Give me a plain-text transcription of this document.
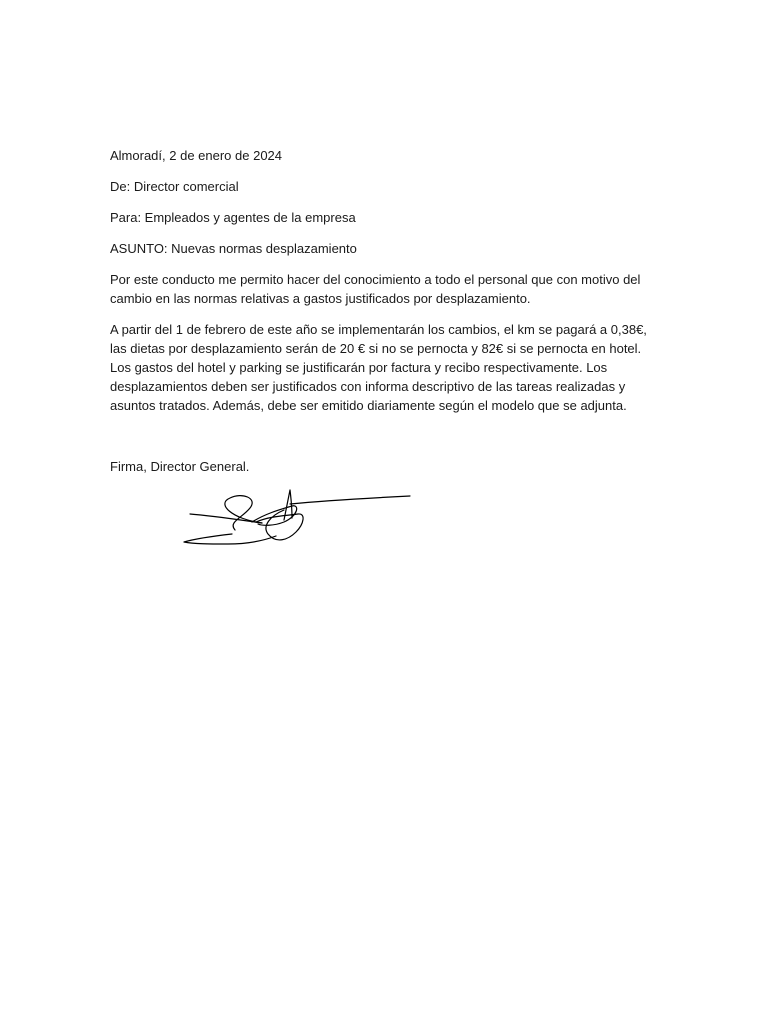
Almoradí, 2 de enero de 2024

De: Director comercial

Para: Empleados y agentes de la empresa

ASUNTO: Nuevas normas desplazamiento

Por este conducto me permito hacer del conocimiento a todo el personal que con motivo del
cambio en las normas relativas a gastos justificados por desplazamiento.
A partir del 1 de febrero de este año se implementarán los cambios, el km se pagará a 0,38€,
las dietas por desplazamiento serán de 20 € si no se pernocta y 82€ si se pernocta en hotel.
Los gastos del hotel y parking se justificarán por factura y recibo respectivamente. Los
desplazamientos deben ser justificados con informa descriptivo de las tareas realizadas y
asuntos tratados. Además, debe ser emitido diariamente según el modelo que se adjunta.
Firma, Director General.
